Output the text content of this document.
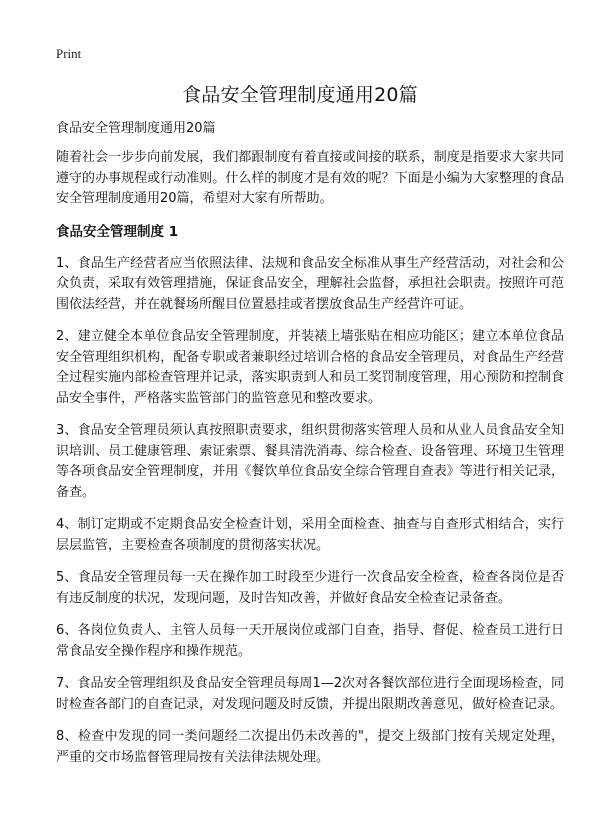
Print
食品安全管理制度通用20篇

食品安全管理制度通用20篇

随着社会一步步向前发展，我们都跟制度有着直接或间接的联系，制度是指要求大家共同遵守的办事规程或行动准则。什么样的制度才是有效的呢？下面是小编为大家整理的食品安全管理制度通用20篇，希望对大家有所帮助。

食品安全管理制度 1

1、食品生产经营者应当依照法律、法规和食品安全标准从事生产经营活动，对社会和公众负责，采取有效管理措施，保证食品安全，理解社会监督，承担社会职责。按照许可范围依法经营，并在就餐场所醒目位置悬挂或者摆放食品生产经营许可证。

2、建立健全本单位食品安全管理制度，并装裱上墙张贴在相应功能区；建立本单位食品安全管理组织机构，配备专职或者兼职经过培训合格的食品安全管理员，对食品生产经营全过程实施内部检查管理并记录，落实职责到人和员工奖罚制度管理，用心预防和控制食品安全事件，严格落实监管部门的监管意见和整改要求。

3、食品安全管理员须认真按照职责要求，组织贯彻落实管理人员和从业人员食品安全知识培训、员工健康管理、索证索票、餐具清洗消毒、综合检查、设备管理、环境卫生管理等各项食品安全管理制度，并用《餐饮单位食品安全综合管理自查表》等进行相关记录，备查。

4、制订定期或不定期食品安全检查计划，采用全面检查、抽查与自查形式相结合，实行层层监管，主要检查各项制度的贯彻落实状况。

5、食品安全管理员每一天在操作加工时段至少进行一次食品安全检查，检查各岗位是否有违反制度的状况，发现问题，及时告知改善，并做好食品安全检查记录备查。

6、各岗位负责人、主管人员每一天开展岗位或部门自查，指导、督促、检查员工进行日常食品安全操作程序和操作规范。

7、食品安全管理组织及食品安全管理员每周1—2次对各餐饮部位进行全面现场检查，同时检查各部门的自查记录，对发现问题及时反馈，并提出限期改善意见，做好检查记录。

8、检查中发现的同一类问题经二次提出仍未改善的"，提交上级部门按有关规定处理，严重的交市场监督管理局按有关法律法规处理。
